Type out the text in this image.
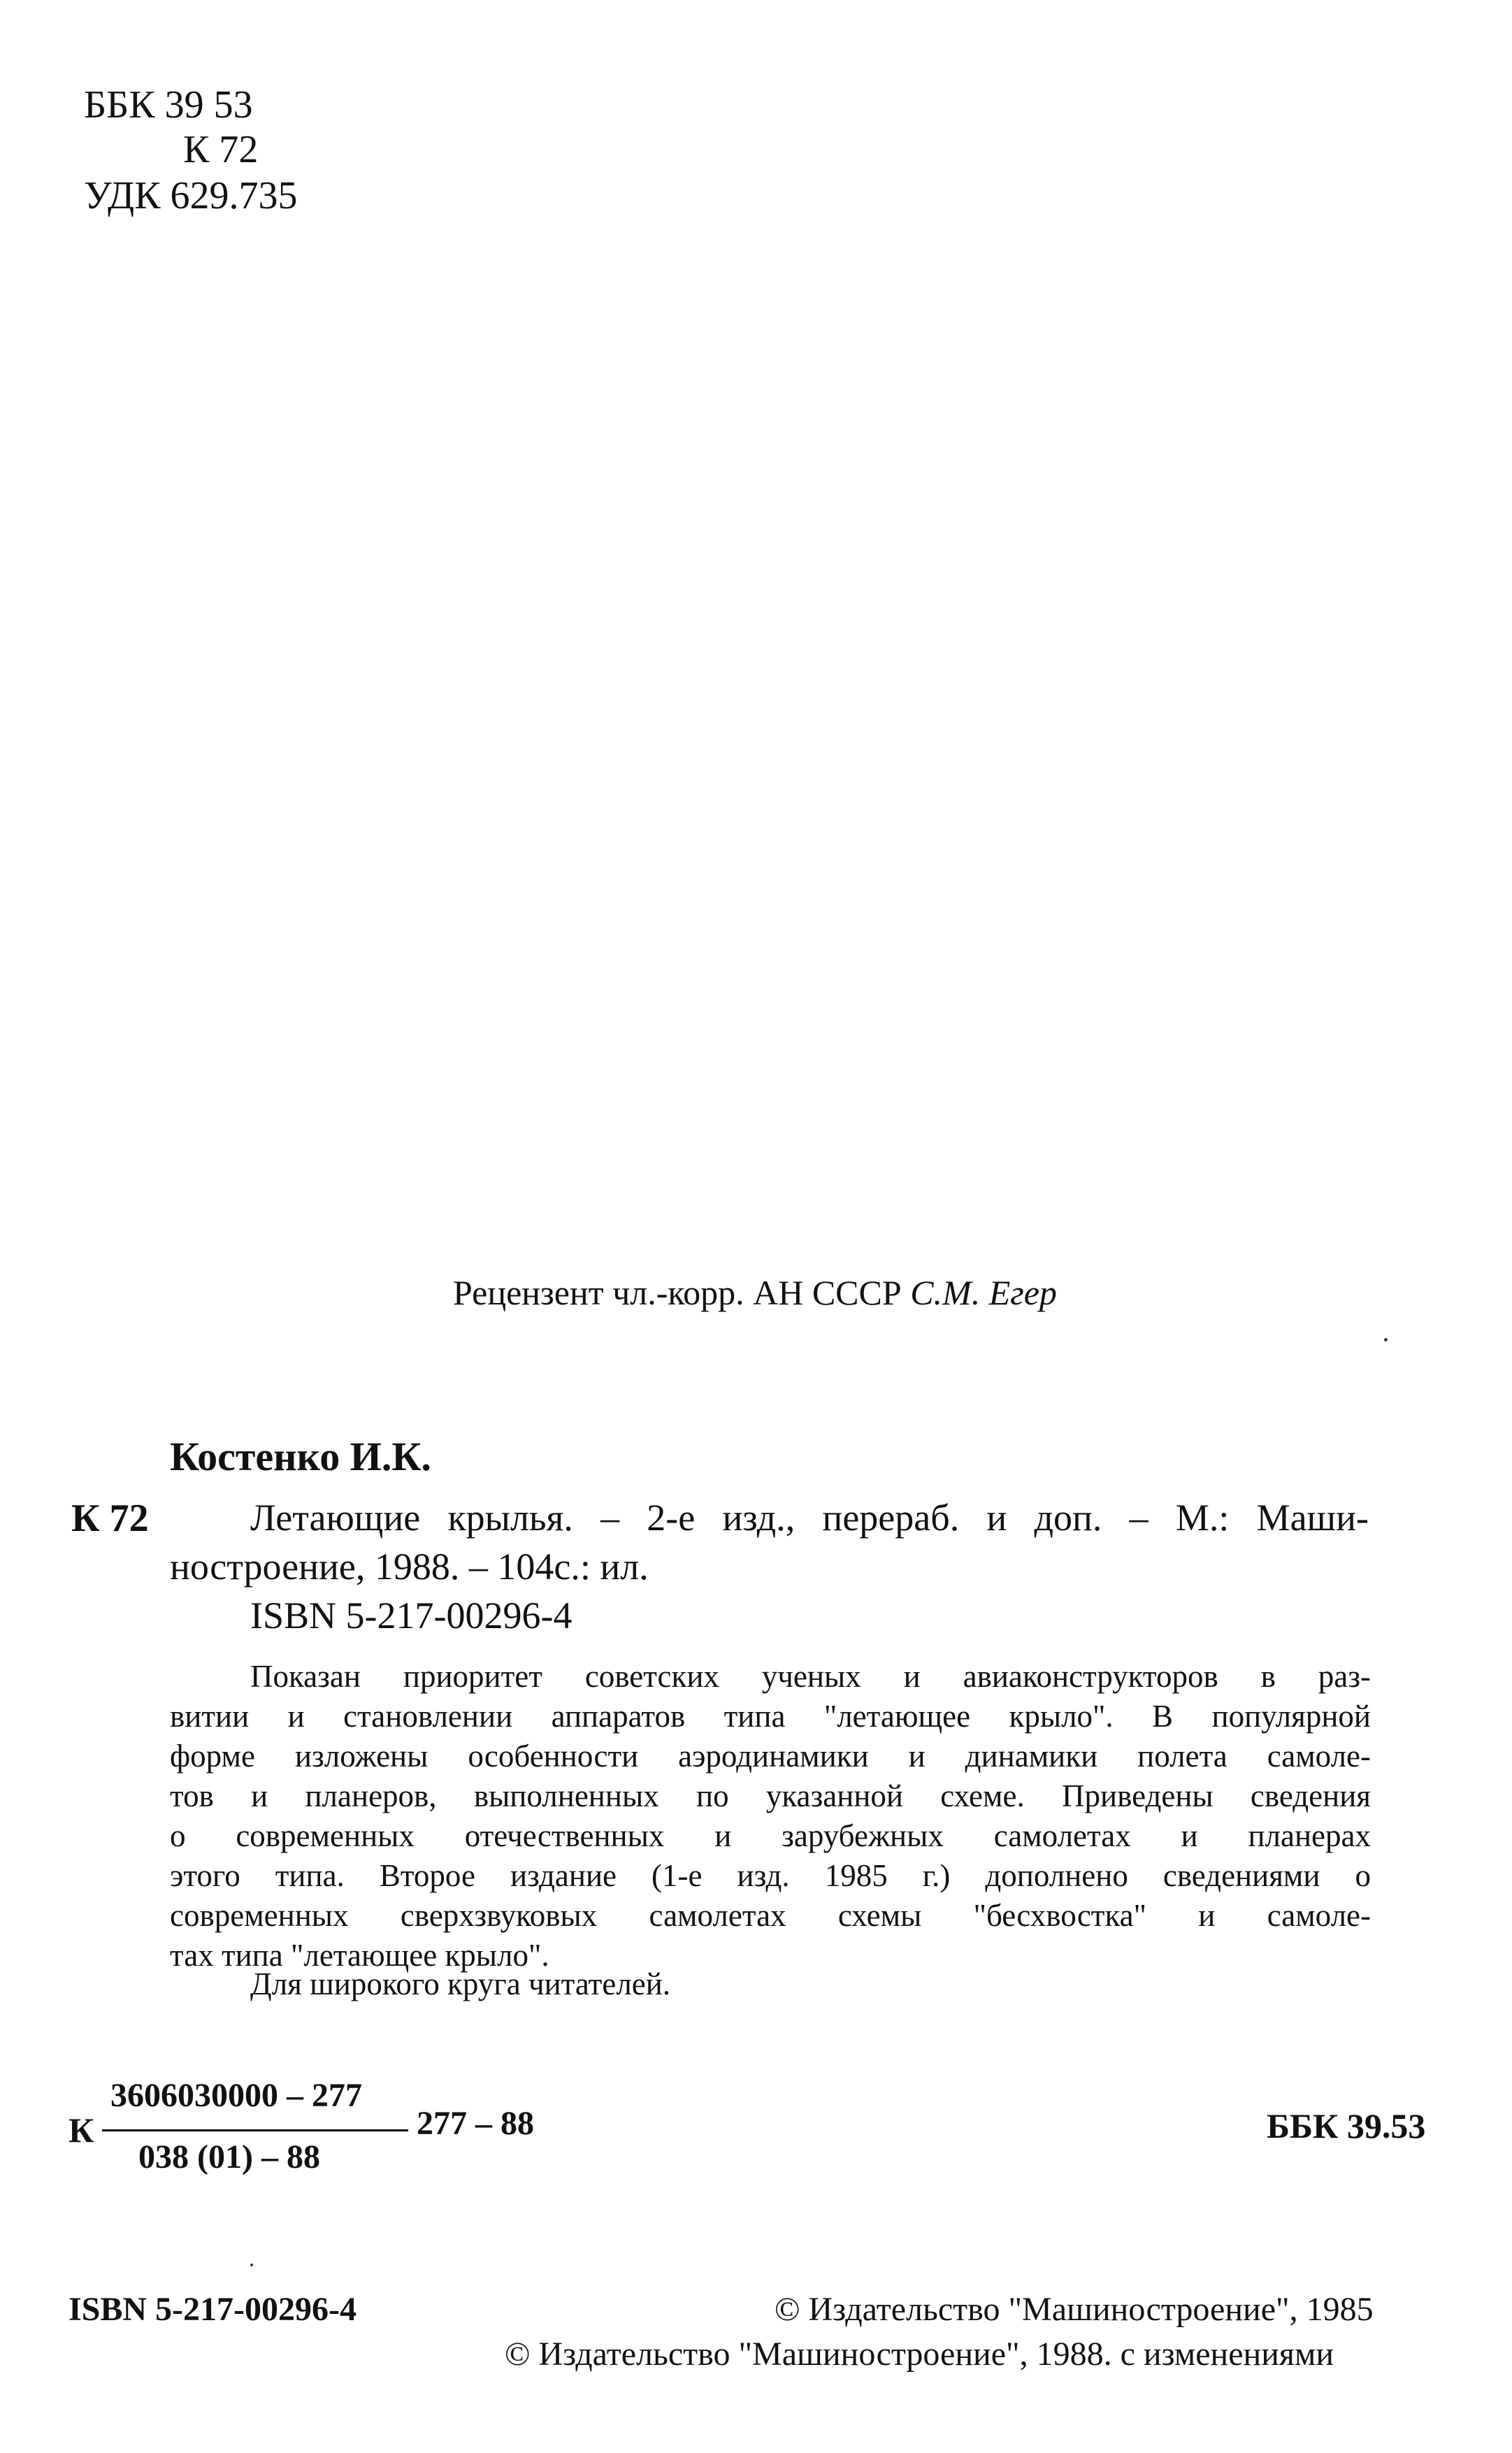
ББК 39 53
К 72
УДК 629.735
Рецензент чл.-корр. АН СССР С.М. Егер
Костенко И.К.
К 72	Летающие крылья. – 2-е изд., перераб. и доп. – М.: Маши-
ностроение, 1988. – 104с.: ил.
ISBN 5-217-00296-4
Показан приоритет советских ученых и авиаконструкторов в раз-
витии и становлении аппаратов типа "летающее крыло". В популярной
форме изложены особенности аэродинамики и динамики полета самоле-
тов и планеров, выполненных по указанной схеме. Приведены сведения
о современных отечественных и зарубежных самолетах и планерах
этого типа. Второе издание (1-е изд. 1985 г.) дополнено сведениями о
современных сверхзвуковых самолетах схемы "бесхвостка" и самоле-
тах типа "летающее крыло".
Для широкого круга читателей.
К
3606030000 – 277
038 (01) – 88
277 – 88	ББК 39.53
ISBN 5-217-00296-4	© Издательство "Машиностроение", 1985
© Издательство "Машиностроение", 1988. с изменениями
